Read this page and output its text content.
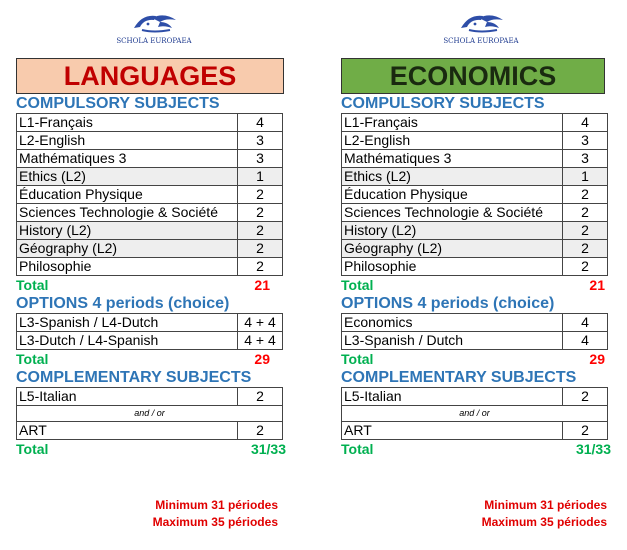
SCHOLA EUROPAEA
LANGUAGES
COMPULSORY SUBJECTS
L1-Français	4
L2-English	3
Mathématiques 3	3
Ethics (L2)	1
Éducation Physique	2
Sciences Technologie & Société	2
History (L2)	2
Géography (L2)	2
Philosophie	2
Total	21
OPTIONS 4 periods (choice)
L3-Spanish / L4-Dutch	4 + 4
L3-Dutch / L4-Spanish	4 + 4
Total	29
COMPLEMENTARY SUBJECTS
L5-Italian	2
and / or	
ART	2
Total	31/33
Minimum 31 périodes
Maximum 35 périodes
SCHOLA EUROPAEA
ECONOMICS
COMPULSORY SUBJECTS
L1-Français	4
L2-English	3
Mathématiques 3	3
Ethics (L2)	1
Éducation Physique	2
Sciences Technologie & Société	2
History (L2)	2
Géography (L2)	2
Philosophie	2
Total	21
OPTIONS 4 periods (choice)
Economics	4
L3-Spanish / Dutch	4
Total	29
COMPLEMENTARY SUBJECTS
L5-Italian	2
and / or	
ART	2
Total	31/33
Minimum 31 périodes
Maximum 35 périodes
